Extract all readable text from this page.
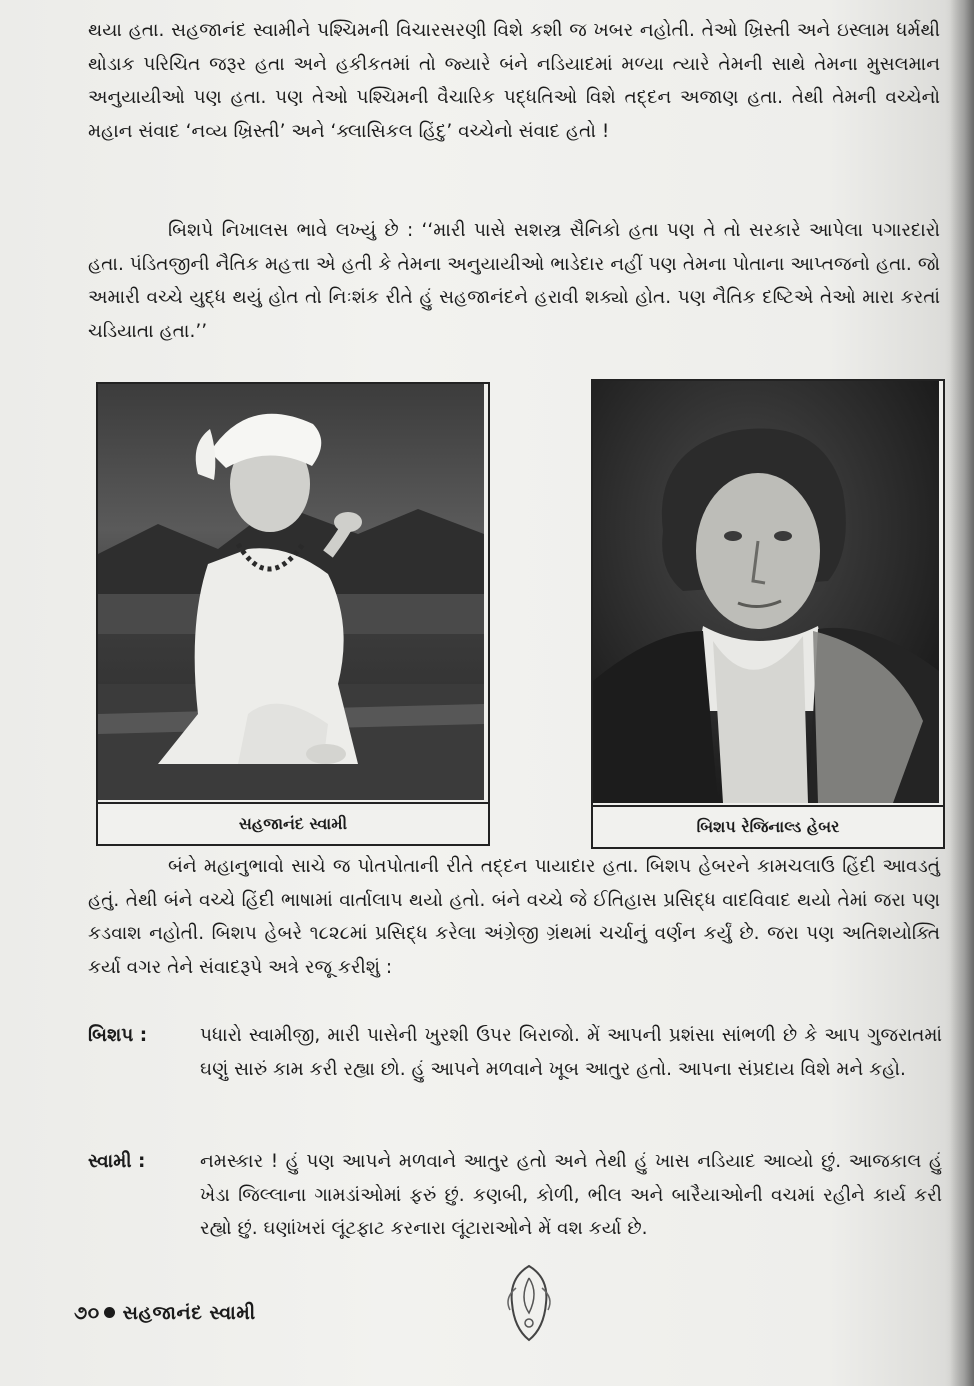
થયા હતા. સહજાનંદ સ્વામીને પશ્ચિમની વિચારસરણી વિશે કશી જ ખબર નહોતી. તેઓ ખ્રિસ્તી અને ઇસ્લામ ધર્મથી થોડાક પરિચિત જરૂર હતા અને હકીકતમાં તો જ્યારે બંને નડિયાદમાં મળ્યા ત્યારે તેમની સાથે તેમના મુસલમાન અનુયાયીઓ પણ હતા. પણ તેઓ પશ્ચિમની વૈચારિક પદ્ધતિઓ વિશે તદ્દન અજાણ હતા. તેથી તેમની વચ્ચેનો મહાન સંવાદ ‘નવ્ય ખ્રિસ્તી’ અને ‘ક્લાસિકલ હિંદુ’ વચ્ચેનો સંવાદ હતો !

બિશપે નિખાલસ ભાવે લખ્યું છે : ‘‘મારી પાસે સશસ્ત્ર સૈનિકો હતા પણ તે તો સરકારે આપેલા પગારદારો હતા. પંડિતજીની નૈતિક મહત્તા એ હતી કે તેમના અનુયાયીઓ ભાડેદાર નહીં પણ તેમના પોતાના આપ્તજનો હતા. જો અમારી વચ્ચે યુદ્ધ થયું હોત તો નિઃશંક રીતે હું સહજાનંદને હરાવી શક્યો હોત. પણ નૈતિક દષ્ટિએ તેઓ મારા કરતાં ચડિયાતા હતા.’’

સહજાનંદ સ્વામી	બિશપ રેજિનાલ્ડ હેબર

બંને મહાનુભાવો સાચે જ પોતપોતાની રીતે તદ્દન પાયાદાર હતા. બિશપ હેબરને કામચલાઉ હિંદી આવડતું હતું. તેથી બંને વચ્ચે હિંદી ભાષામાં વાર્તાલાપ થયો હતો. બંને વચ્ચે જે ઈતિહાસ પ્રસિદ્ધ વાદવિવાદ થયો તેમાં જરા પણ કડવાશ નહોતી. બિશપ હેબરે ૧૮૨૮માં પ્રસિદ્ધ કરેલા અંગ્રેજી ગ્રંથમાં ચર્ચાનું વર્ણન કર્યું છે. જરા પણ અતિશયોક્તિ કર્યા વગર તેને સંવાદરૂપે અત્રે રજૂ કરીશું :

બિશપ :	પધારો સ્વામીજી, મારી પાસેની ખુરશી ઉપર બિરાજો. મેં આપની પ્રશંસા સાંભળી છે કે આપ ગુજરાતમાં ઘણું સારું કામ કરી રહ્યા છો. હું આપને મળવાને ખૂબ આતુર હતો. આપના સંપ્રદાય વિશે મને કહો.
સ્વામી :	નમસ્કાર ! હું પણ આપને મળવાને આતુર હતો અને તેથી હું ખાસ નડિયાદ આવ્યો છું. આજકાલ હું ખેડા જિલ્લાના ગામડાંઓમાં ફરું છું. કણબી, કોળી, ભીલ અને બારૈયાઓની વચમાં રહીને કાર્ય કરી રહ્યો છું. ઘણાંખરાં લૂંટફાટ કરનારા લૂંટારાઓને મેં વશ કર્યા છે.
૭૦ સહજાનંદ સ્વામી
